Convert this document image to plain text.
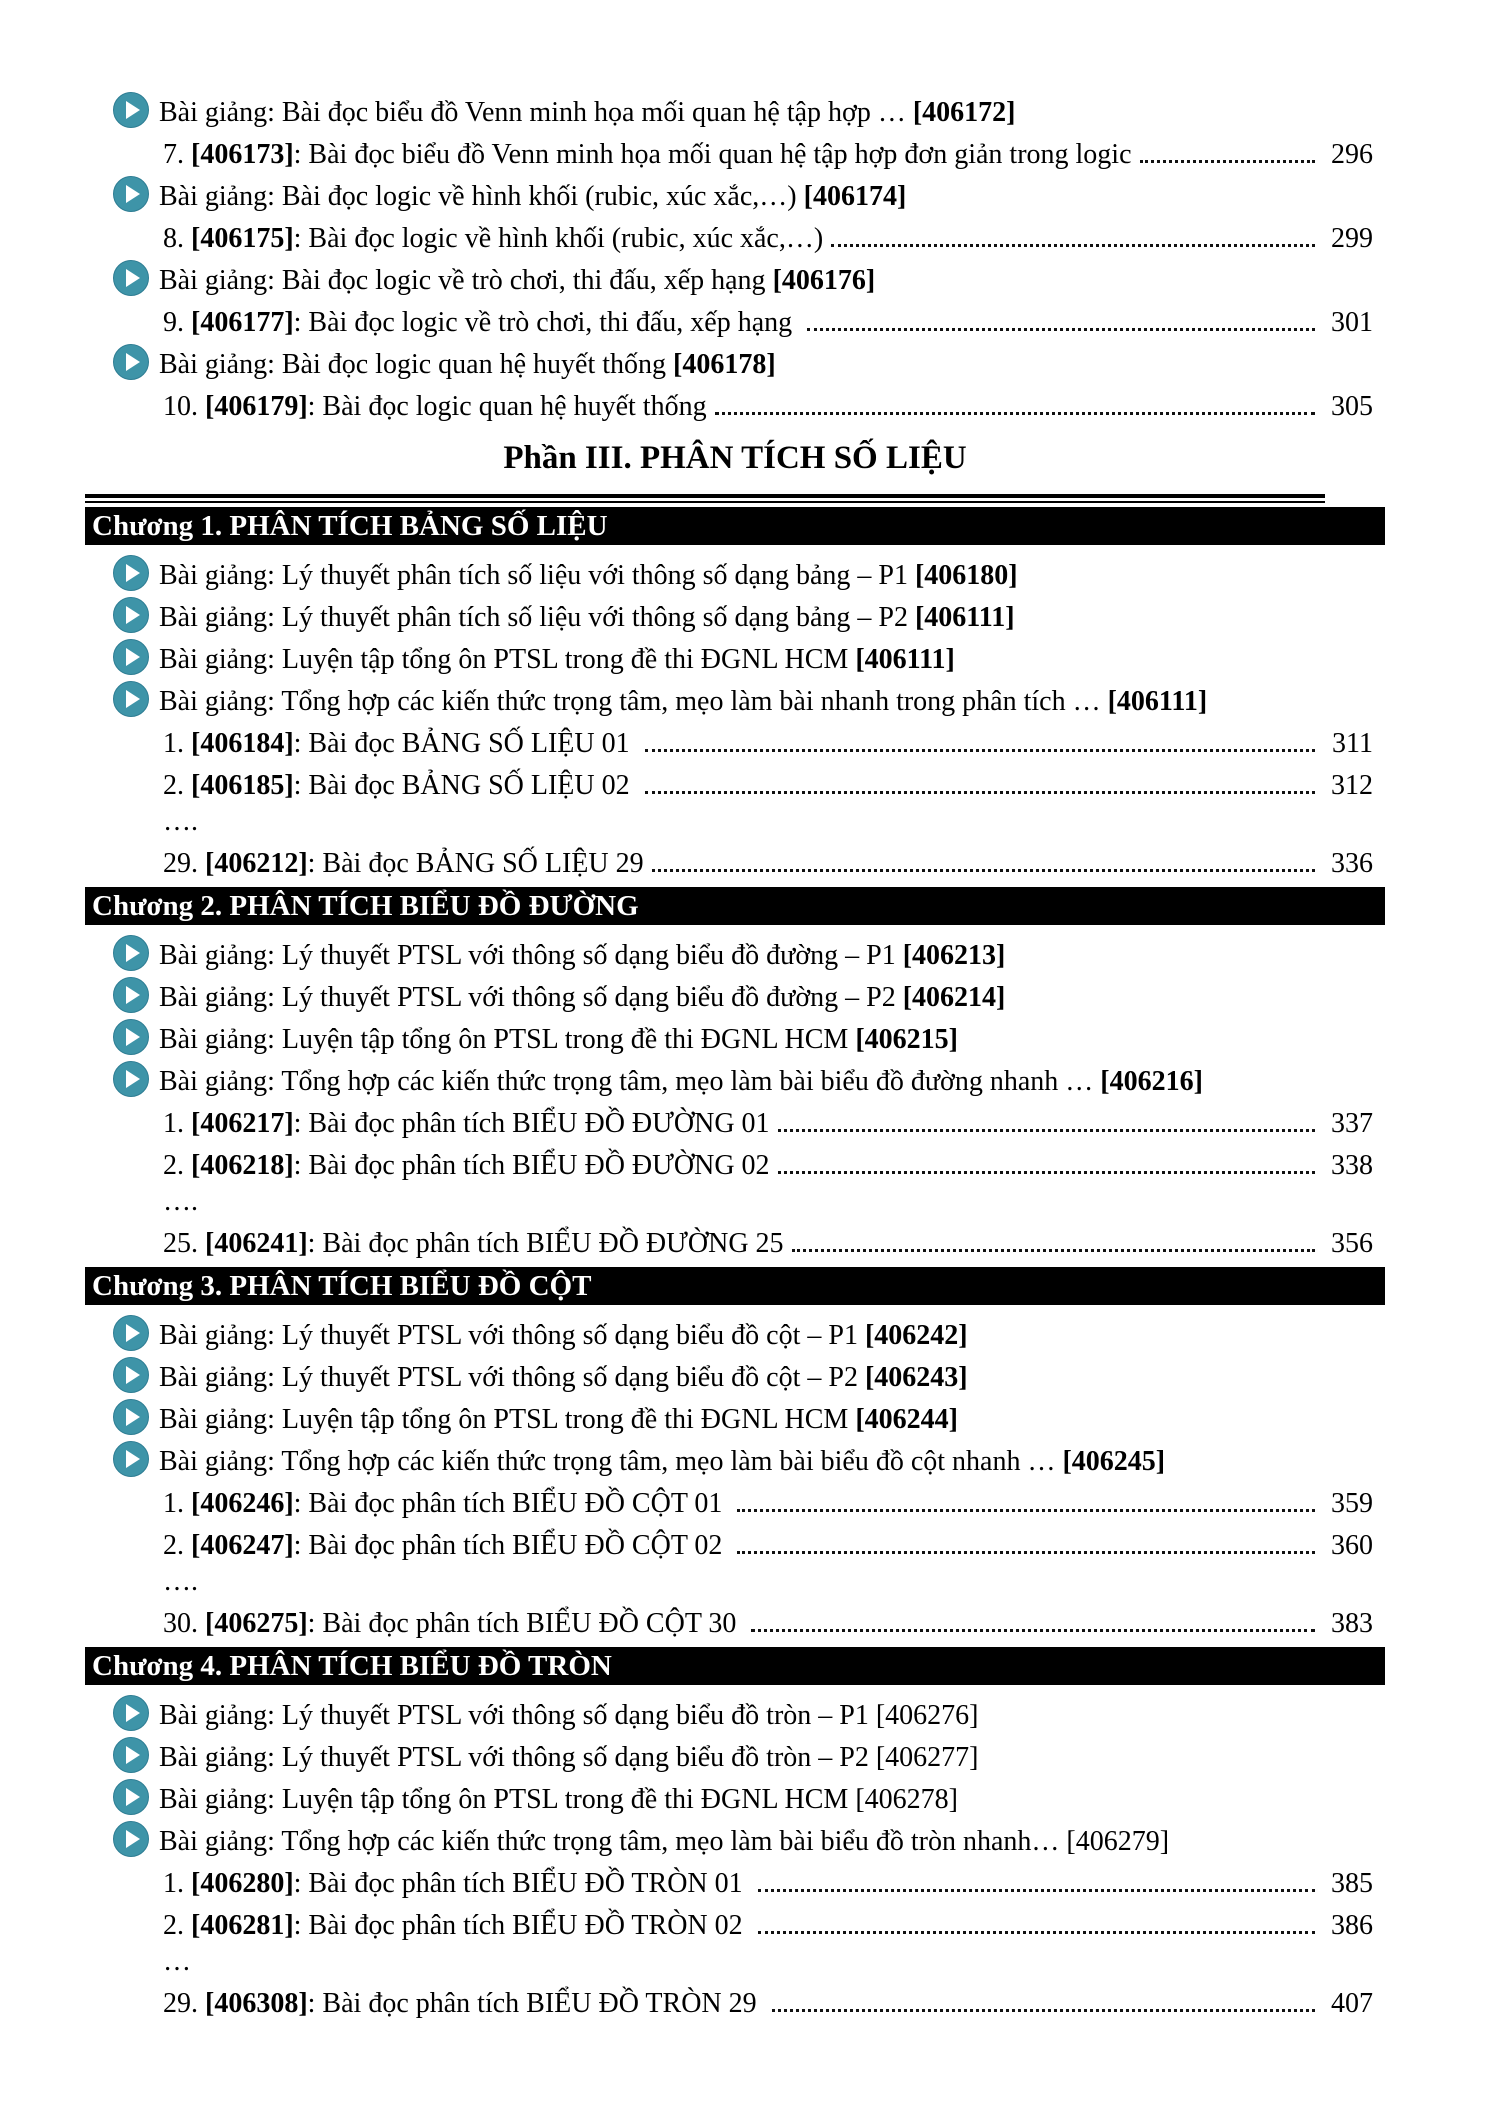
Bài giảng: Bài đọc biểu đồ Venn minh họa mối quan hệ tập hợp … [406172]
7. [406173]: Bài đọc biểu đồ Venn minh họa mối quan hệ tập hợp đơn giản trong logic	296
Bài giảng: Bài đọc logic về hình khối (rubic, xúc xắc,…) [406174]
8. [406175]: Bài đọc logic về hình khối (rubic, xúc xắc,…)	299
Bài giảng: Bài đọc logic về trò chơi, thi đấu, xếp hạng [406176]
9. [406177]: Bài đọc logic về trò chơi, thi đấu, xếp hạng	301
Bài giảng: Bài đọc logic quan hệ huyết thống [406178]
10. [406179]: Bài đọc logic quan hệ huyết thống	305
Phần III. PHÂN TÍCH SỐ LIỆU
Chương 1. PHÂN TÍCH BẢNG SỐ LIỆU
Bài giảng: Lý thuyết phân tích số liệu với thông số dạng bảng – P1 [406180]
Bài giảng: Lý thuyết phân tích số liệu với thông số dạng bảng – P2 [406111]
Bài giảng: Luyện tập tổng ôn PTSL trong đề thi ĐGNL HCM [406111]
Bài giảng: Tổng hợp các kiến thức trọng tâm, mẹo làm bài nhanh trong phân tích … [406111]
1. [406184]: Bài đọc BẢNG SỐ LIỆU 01	311
2. [406185]: Bài đọc BẢNG SỐ LIỆU 02	312
….
29. [406212]: Bài đọc BẢNG SỐ LIỆU 29	336
Chương 2. PHÂN TÍCH BIỂU ĐỒ ĐƯỜNG
Bài giảng: Lý thuyết PTSL với thông số dạng biểu đồ đường – P1 [406213]
Bài giảng: Lý thuyết PTSL với thông số dạng biểu đồ đường – P2 [406214]
Bài giảng: Luyện tập tổng ôn PTSL trong đề thi ĐGNL HCM [406215]
Bài giảng: Tổng hợp các kiến thức trọng tâm, mẹo làm bài biểu đồ đường nhanh … [406216]
1. [406217]: Bài đọc phân tích BIỂU ĐỒ ĐƯỜNG 01	337
2. [406218]: Bài đọc phân tích BIỂU ĐỒ ĐƯỜNG 02	338
….
25. [406241]: Bài đọc phân tích BIỂU ĐỒ ĐƯỜNG 25	356
Chương 3. PHÂN TÍCH BIỂU ĐỒ CỘT
Bài giảng: Lý thuyết PTSL với thông số dạng biểu đồ cột – P1 [406242]
Bài giảng: Lý thuyết PTSL với thông số dạng biểu đồ cột – P2 [406243]
Bài giảng: Luyện tập tổng ôn PTSL trong đề thi ĐGNL HCM [406244]
Bài giảng: Tổng hợp các kiến thức trọng tâm, mẹo làm bài biểu đồ cột nhanh … [406245]
1. [406246]: Bài đọc phân tích BIỂU ĐỒ CỘT 01	359
2. [406247]: Bài đọc phân tích BIỂU ĐỒ CỘT 02	360
….
30. [406275]: Bài đọc phân tích BIỂU ĐỒ CỘT 30	383
Chương 4. PHÂN TÍCH BIỂU ĐỒ TRÒN
Bài giảng: Lý thuyết PTSL với thông số dạng biểu đồ tròn – P1 [406276]
Bài giảng: Lý thuyết PTSL với thông số dạng biểu đồ tròn – P2 [406277]
Bài giảng: Luyện tập tổng ôn PTSL trong đề thi ĐGNL HCM [406278]
Bài giảng: Tổng hợp các kiến thức trọng tâm, mẹo làm bài biểu đồ tròn nhanh… [406279]
1. [406280]: Bài đọc phân tích BIỂU ĐỒ TRÒN 01	385
2. [406281]: Bài đọc phân tích BIỂU ĐỒ TRÒN 02	386
…
29. [406308]: Bài đọc phân tích BIỂU ĐỒ TRÒN 29	407
